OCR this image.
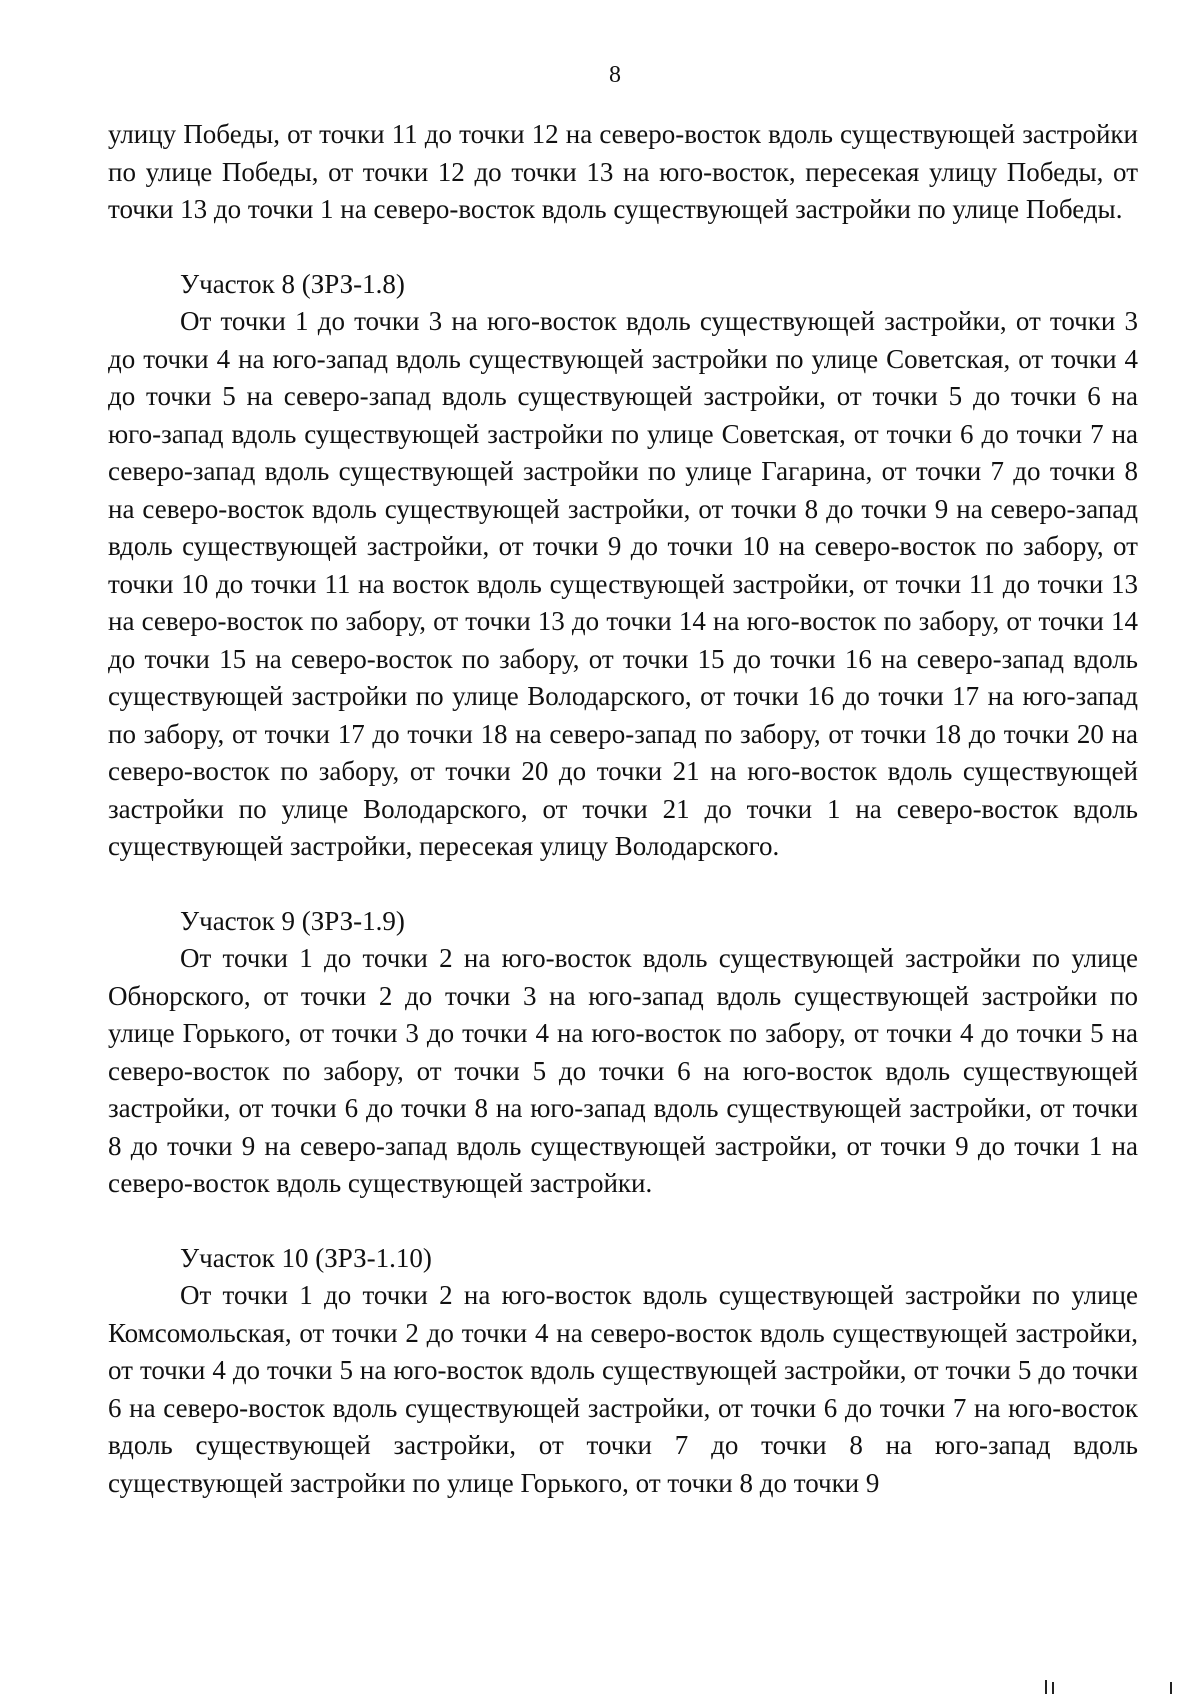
8

улицу Победы, от точки 11 до точки 12 на северо-восток вдоль существующей застройки по улице Победы, от точки 12 до точки 13 на юго-восток, пересекая улицу Победы, от точки 13 до точки 1 на северо-восток вдоль существующей застройки по улице Победы.

Участок 8 (ЗРЗ-1.8)

От точки 1 до точки 3 на юго-восток вдоль существующей застройки, от точки 3 до точки 4 на юго-запад вдоль существующей застройки по улице Советская, от точки 4 до точки 5 на северо-запад вдоль существующей застройки, от точки 5 до точки 6 на юго-запад вдоль существующей застройки по улице Советская, от точки 6 до точки 7 на северо-запад вдоль существующей застройки по улице Гагарина, от точки 7 до точки 8 на северо-восток вдоль существующей застройки, от точки 8 до точки 9 на северо-запад вдоль существующей застройки, от точки 9 до точки 10 на северо-восток по забору, от точки 10 до точки 11 на восток вдоль существующей застройки, от точки 11 до точки 13 на северо-восток по забору, от точки 13 до точки 14 на юго-восток по забору, от точки 14 до точки 15 на северо-восток по забору, от точки 15 до точки 16 на северо-запад вдоль существующей застройки по улице Володарского, от точки 16 до точки 17 на юго-запад по забору, от точки 17 до точки 18 на северо-запад по забору, от точки 18 до точки 20 на северо-восток по забору, от точки 20 до точки 21 на юго-восток вдоль существующей застройки по улице Володарского, от точки 21 до точки 1 на северо-восток вдоль существующей застройки, пересекая улицу Володарского.

Участок 9 (ЗРЗ-1.9)

От точки 1 до точки 2 на юго-восток вдоль существующей застройки по улице Обнорского, от точки 2 до точки 3 на юго-запад вдоль существующей застройки по улице Горького, от точки 3 до точки 4 на юго-восток по забору, от точки 4 до точки 5 на северо-восток по забору, от точки 5 до точки 6 на юго-восток вдоль существующей застройки, от точки 6 до точки 8 на юго-запад вдоль существующей застройки, от точки 8 до точки 9 на северо-запад вдоль существующей застройки, от точки 9 до точки 1 на северо-восток вдоль существующей застройки.

Участок 10 (ЗРЗ-1.10)

От точки 1 до точки 2 на юго-восток вдоль существующей застройки по улице Комсомольская, от точки 2 до точки 4 на северо-восток вдоль существующей застройки, от точки 4 до точки 5 на юго-восток вдоль существующей застройки, от точки 5 до точки 6 на северо-восток вдоль существующей застройки, от точки 6 до точки 7 на юго-восток вдоль существующей застройки, от точки 7 до точки 8 на юго-запад вдоль существующей застройки по улице Горького, от точки 8 до точки 9
